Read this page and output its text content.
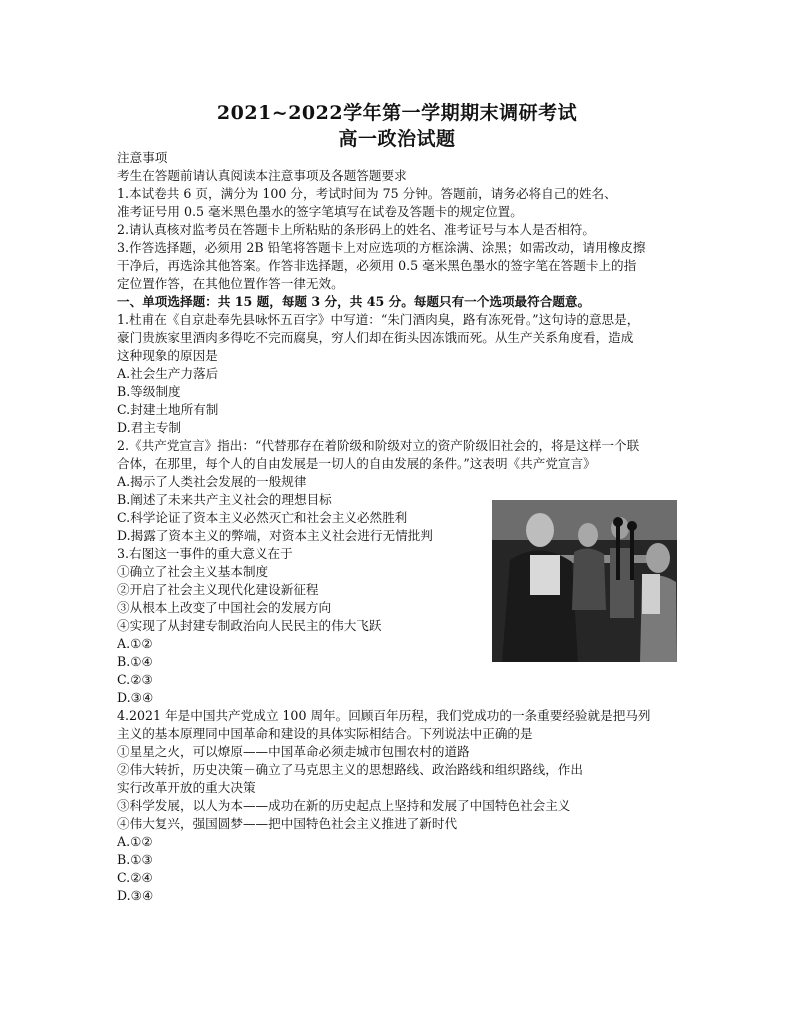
2021~2022学年第一学期期末调研考试
高一政治试题
注意事项
考生在答题前请认真阅读本注意事项及各题答题要求
1.本试卷共 6 页，满分为 100 分，考试时间为 75 分钟。答题前，请务必将自己的姓名、
准考证号用 0.5 毫米黑色墨水的签字笔填写在试卷及答题卡的规定位置。
2.请认真核对监考员在答题卡上所粘贴的条形码上的姓名、准考证号与本人是否相符。
3.作答选择题，必须用 2B 铅笔将答题卡上对应选项的方框涂满、涂黑；如需改动，请用橡皮擦
干净后，再选涂其他答案。作答非选择题，必须用 0.5 毫米黑色墨水的签字笔在答题卡上的指
定位置作答，在其他位置作答一律无效。
一、单项选择题：共 15 题，每题 3 分，共 45 分。每题只有一个选项最符合题意。
1.杜甫在《自京赴奉先县咏怀五百字》中写道：“朱门酒肉臭，路有冻死骨。”这句诗的意思是，
豪门贵族家里酒肉多得吃不完而腐臭，穷人们却在街头因冻饿而死。从生产关系角度看，造成
这种现象的原因是
A.社会生产力落后
B.等级制度
C.封建土地所有制
D.君主专制
2.《共产党宣言》指出：“代替那存在着阶级和阶级对立的资产阶级旧社会的，将是这样一个联
合体，在那里，每个人的自由发展是一切人的自由发展的条件。”这表明《共产党宣言》
A.揭示了人类社会发展的一般规律
B.阐述了未来共产主义社会的理想目标
C.科学论证了资本主义必然灭亡和社会主义必然胜利
D.揭露了资本主义的弊端，对资本主义社会进行无情批判
3.右图这一事件的重大意义在于
①确立了社会主义基本制度
②开启了社会主义现代化建设新征程
③从根本上改变了中国社会的发展方向
④实现了从封建专制政治向人民民主的伟大飞跃
A.①②
B.①④
C.②③
D.③④
4.2021 年是中国共产党成立 100 周年。回顾百年历程，我们党成功的一条重要经验就是把马列
主义的基本原理同中国革命和建设的具体实际相结合。下列说法中正确的是
①星星之火，可以燎原——中国革命必须走城市包围农村的道路
②伟大转折，历史决策－确立了马克思主义的思想路线、政治路线和组织路线，作出
实行改革开放的重大决策
③科学发展，以人为本——成功在新的历史起点上坚持和发展了中国特色社会主义
④伟大复兴，强国圆梦——把中国特色社会主义推进了新时代
A.①②
B.①③
C.②④
D.③④
